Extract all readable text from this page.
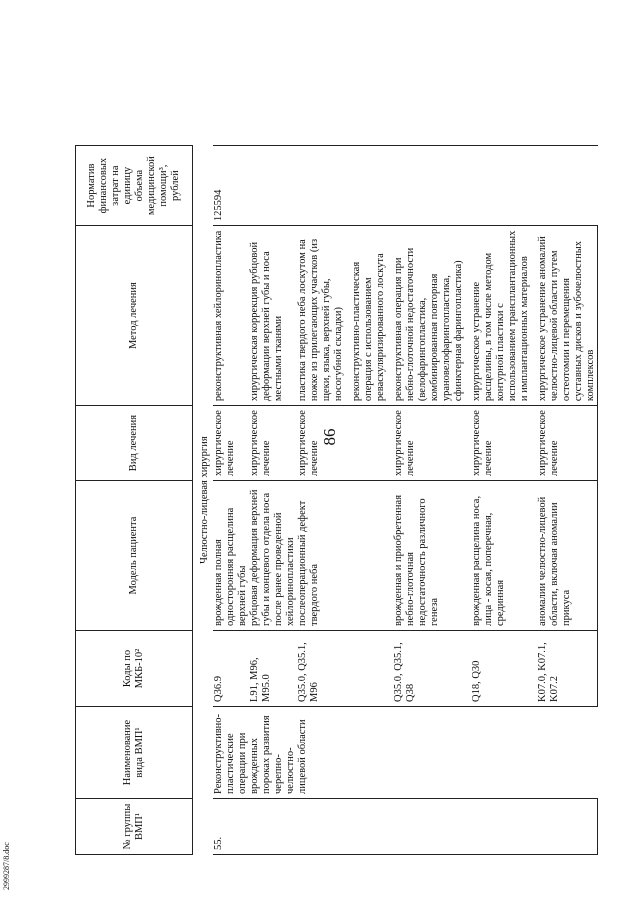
86
№ группы ВМП¹	Наименование вида ВМП¹	Коды по МКБ-10²	Модель пациента	Вид лечения	Метод лечения	Норматив финансовых затрат на единицу объема медицинской помощи³, рублей
Челюстно-лицевая хирургия						
55.	Реконструктивно-пластические операции при врожденных пороках развития черепно-челюстно-лицевой области	Q36.9	врожденная полная односторонняя расщелина верхней губы	хирургическое лечение	реконструктивная хейлоринопластика	125594
		L91, M96, M95.0	рубцовая деформация верхней губы и концевого отдела носа после ранее проведенной хейлоринопластики	хирургическое лечение	хирургическая коррекция рубцовой деформации верхней губы и носа местными тканями	
		Q35.0, Q35.1, M96	послеоперационный дефект твердого неба	хирургическое лечение	пластика твердого неба лоскутом на ножке из прилегающих участков (из щеки, языка, верхней губы, носогубной складки) реконструктивно-пластическая операция с использованием реваскуляризированного лоскута	

		Q35.0, Q35.1, Q38	врожденная и приобретенная небно-глоточная недостаточность различного генеза	хирургическое лечение	реконструктивная операция при небно-глоточной недостаточности (велофарингопластика, комбинированная повторная урановелофарингопластика, сфинктерная фарингопластика)	
		Q18, Q30	врожденная расщелина носа, лица - косая, поперечная, срединная	хирургическое лечение	хирургическое устранение расщелины, в том числе методом контурной пластики с использованием трансплантационных и имплантационных материалов	
		K07.0, K07.1, K07.2	аномалии челюстно-лицевой области, включая аномалии прикуса	хирургическое лечение	хирургическое устранение аномалий челюстно-лицевой области путем остеотомии и перемещения суставных дисков и зубочелюстных комплексов	
2999287/8.doc
